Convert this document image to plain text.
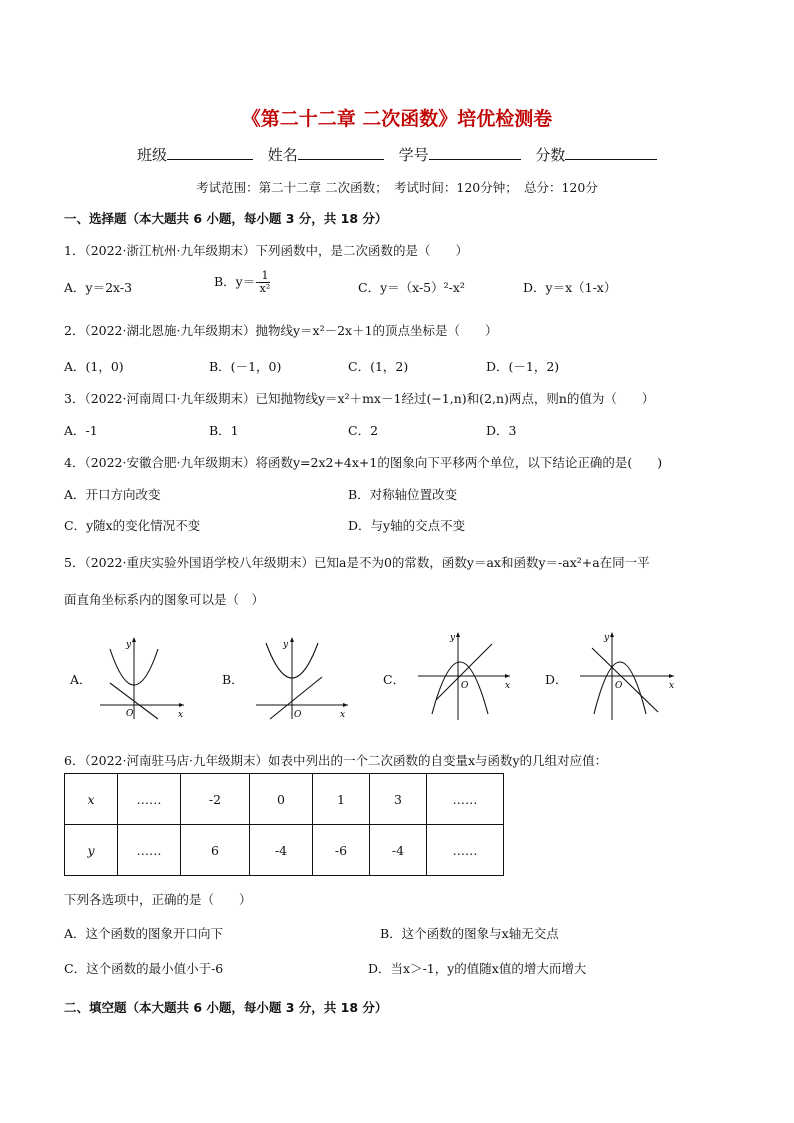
《第二十二章 二次函数》培优检测卷
班级	姓名	学号	分数
考试范围：第二十二章 二次函数；　考试时间：120分钟；　总分：120分
一、选择题（本大题共 6 小题，每小题 3 分，共 18 分）
1．（2022·浙江杭州·九年级期末）下列函数中，是二次函数的是（　　）
A．y＝2x-3	B．$y=- \frac{1}{\text{x²}}$	C．y＝（x-5）²-x²	D．y＝x（1-x）
2．（2022·湖北恩施·九年级期末）抛物线y＝x²－2x＋1的顶点坐标是（　　）
A．(1，0)	B．(－1，0)	C．(1，2)	D．(－1，2)
3．（2022·河南周口·九年级期末）已知抛物线y＝x²＋mx－1经过(−1,n)和(2,n)两点，则n的值为（　　）
A．-1	B．1	C．2	D．3
4．（2022·安徽合肥·九年级期末）将函数y=2x2+4x+1的图象向下平移两个单位，以下结论正确的是(　　)
A．开口方向改变	B．对称轴位置改变
C．y随x的变化情况不变	D．与y轴的交点不变
5．（2022·重庆实验外国语学校八年级期末）已知a是不为0的常数，函数y＝ax和函数y＝-ax²+a在同一平
面直角坐标系内的图象可以是（　）
A．
y
x
O
B．
y
x
O
C．
y
x
O	D．
y
x
O
6．（2022·河南驻马店·九年级期末）如表中列出的一个二次函数的自变量x与函数y的几组对应值：
x	……	-2	0	1	3	……
y	……	6	-4	-6	-4	……
下列各选项中，正确的是（　　）
A．这个函数的图象开口向下	B．这个函数的图象与x轴无交点
C．这个函数的最小值小于-6	D．当x＞-1，y的值随x值的增大而增大
二、填空题（本大题共 6 小题，每小题 3 分，共 18 分）
